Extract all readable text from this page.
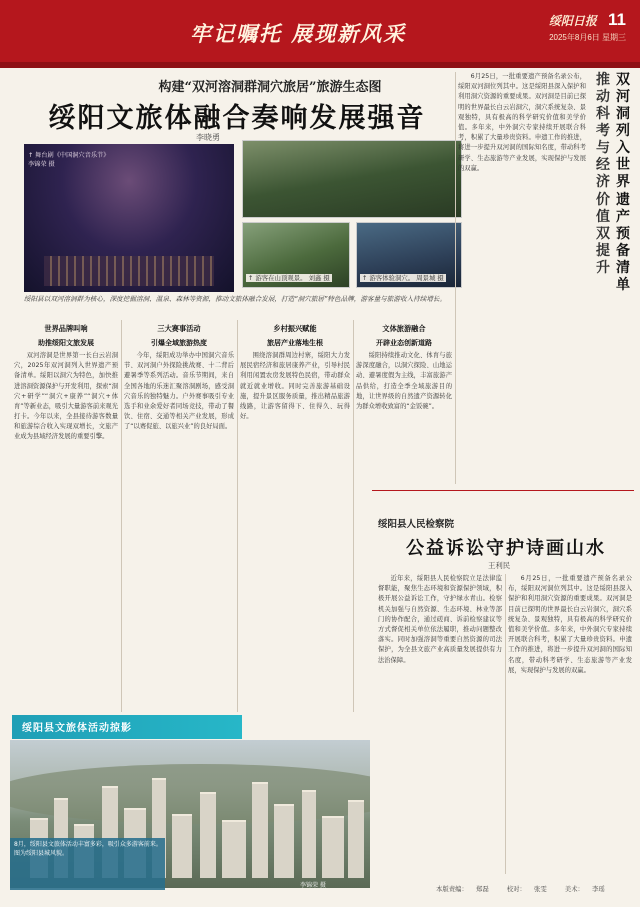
牢记嘱托 展现新风采	绥阳日报 11
2025年8月6日 星期三
构建“双河溶洞群洞穴旅居”旅游生态图
绥阳文旅体融合奏响发展强音
李晓勇
↑ 舞台剧《中国洞穴音乐节》
李锦荣 摄
↑ 游客在山顶观景。 刘鑫 摄	↑ 游客体验洞穴。 周景城 摄
绥阳县以双河溶洞群为核心，深度挖掘溶洞、温泉、森林等资源，推动文旅体融合发展，打造“洞穴旅居”特色品牌，游客量与旅游收入持续增长。
世界品牌叫响
助推绥阳文旅发展

双河溶洞是世界第一长白云岩洞穴，2025年双河洞列入世界遗产预备清单。绥阳以洞穴为特色，加快推进溶洞资源保护与开发利用，探索“洞穴+研学”“洞穴+康养”“洞穴+体育”等新业态，吸引大量游客前来观光打卡。今年以来，全县接待游客数量和旅游综合收入实现双增长，文旅产业成为县域经济发展的重要引擎。

三大赛事活动
引爆全域旅游热度

今年，绥阳成功举办中国洞穴音乐节、双河洞户外探险挑战赛、十二背后避暑季等系列活动。音乐节期间，来自全国各地的乐迷汇聚溶洞剧场，感受洞穴音乐的独特魅力。户外赛事吸引专业选手和业余爱好者同场竞技，带动了餐饮、住宿、交通等相关产业发展，形成了“以赛促旅、以旅兴业”的良好局面。

乡村振兴赋能
旅居产业落地生根

围绕溶洞群周边村寨，绥阳大力发展民宿经济和旅居康养产业，引导村民利用闲置农房发展特色民宿，带动群众就近就业增收。同时完善旅游基础设施，提升景区服务质量，推出精品旅游线路，让游客留得下、住得久、玩得好。

文体旅游融合
开辟业态创新道路

绥阳持续推动文化、体育与旅游深度融合，以洞穴探险、山地运动、避暑度假为主线，丰富旅游产品供给，打造全季全域旅游目的地，让世界级的自然遗产资源转化为群众增收致富的“金饭碗”。

6月25日，一批重要遗产预备名录公布，绥阳双河洞位列其中。这是绥阳县深入保护和利用洞穴资源的重要成果。双河洞是目前已探明的世界最长白云岩洞穴，洞穴系统复杂、景观独特，具有极高的科学研究价值和美学价值。多年来，中外洞穴专家持续开展联合科考，积累了大量珍贵资料。申遗工作的推进，将进一步提升双河洞的国际知名度，带动科考研学、生态旅游等产业发展，实现保护与发展的双赢。

双河洞列入世界遗产预备清单
推动科考与经济价值双提升
绥阳县人民检察院
公益诉讼守护诗画山水
王利民

近年来，绥阳县人民检察院立足法律监督职能，聚焦生态环境和资源保护领域，积极开展公益诉讼工作，守护绿水青山。检察机关加强与自然资源、生态环境、林业等部门的协作配合，通过磋商、诉前检察建议等方式督促相关单位依法履职，推动问题整改落实。同时加强溶洞等重要自然资源的司法保护，为全县文旅产业高质量发展提供有力法治保障。

6月25日，一批重要遗产预备名录公布，绥阳双河洞位列其中。这是绥阳县深入保护和利用洞穴资源的重要成果。双河洞是目前已探明的世界最长白云岩洞穴，洞穴系统复杂、景观独特，具有极高的科学研究价值和美学价值。多年来，中外洞穴专家持续开展联合科考，积累了大量珍贵资料。申遗工作的推进，将进一步提升双河洞的国际知名度，带动科考研学、生态旅游等产业发展，实现保护与发展的双赢。

绥阳县文旅体活动掠影
8月，绥阳县文旅体活动丰富多彩，吸引众多游客前来。图为绥阳县城风貌。
李锦荣 摄	本版责编： 郑磊	校对： 张雯	美术： 李瑶
